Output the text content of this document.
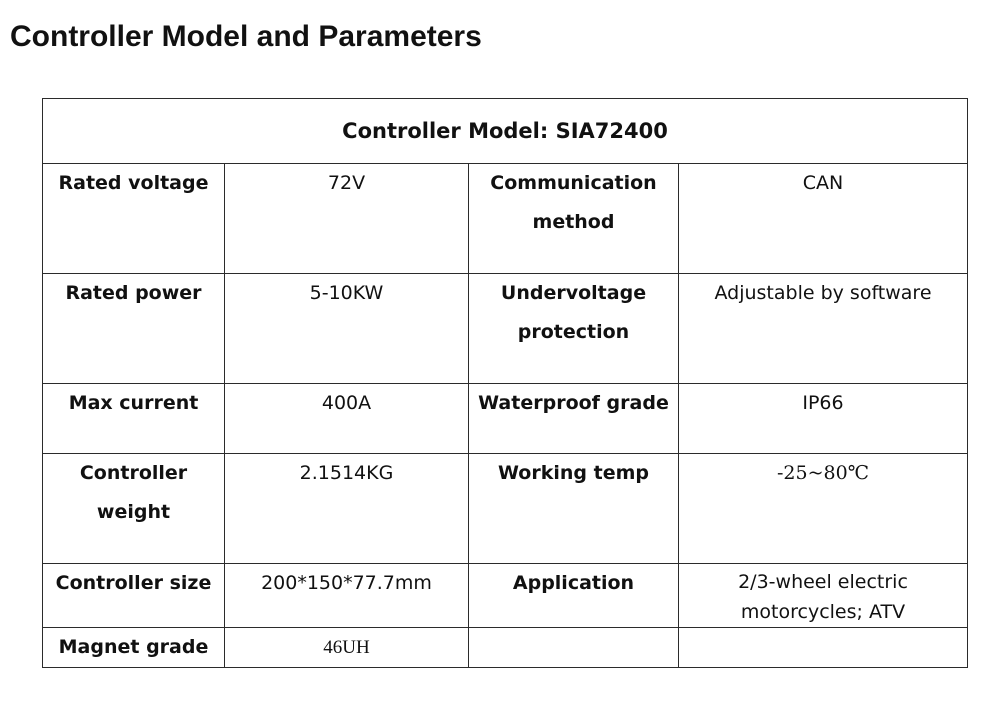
Controller Model and Parameters
Controller Model: SIA72400			
Rated voltage	72V	Communication method	CAN
Rated power	5-10KW	Undervoltage protection	Adjustable by software
Max current	400A	Waterproof grade	IP66
Controller weight	2.1514KG	Working temp	-25~80℃
Controller size	200*150*77.7mm	Application	2/3-wheel electric motorcycles; ATV
Magnet grade	46UH		
